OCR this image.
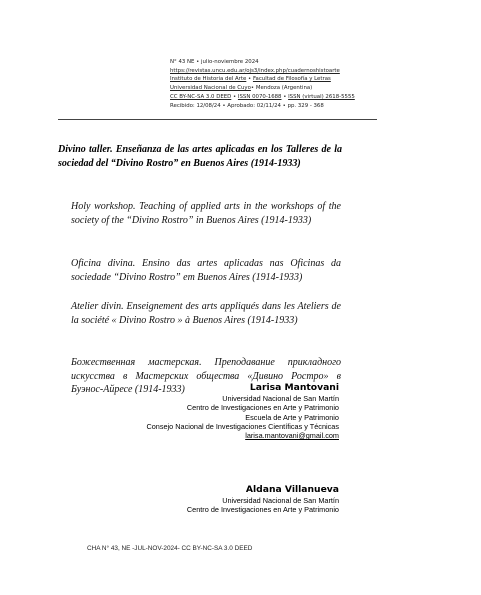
N° 43 NE • julio-noviembre 2024
https://revistas.uncu.edu.ar/ojs3/index.php/cuadernoshistoarte
Instituto de Historia del Arte • Facultad de Filosofía y Letras
Universidad Nacional de Cuyo• Mendoza (Argentina)
CC BY-NC-SA 3.0 DEED • ISSN 0070-1688 • ISSN (virtual) 2618-5555
Recibido: 12/08/24 • Aprobado: 02/11/24 • pp. 329 - 368
Divino taller. Enseñanza de las artes aplicadas en los Talleres de la sociedad del “Divino Rostro” en Buenos Aires (1914-1933)
Holy workshop. Teaching of applied arts in the workshops of the society of the “Divino Rostro” in Buenos Aires (1914-1933)
Oficina divina. Ensino das artes aplicadas nas Oficinas da sociedade “Divino Rostro” em Buenos Aires (1914-1933)
Atelier divin. Enseignement des arts appliqués dans les Ateliers de la société « Divino Rostro » à Buenos Aires (1914-1933)
Божественная мастерская. Преподавание прикладного искусства в Мастерских общества «Дивино Ростро» в Буэнос-Айресе (1914-1933)	Larisa Mantovani
Universidad Nacional de San Martín
Centro de Investigaciones en Arte y Patrimonio
Escuela de Arte y Patrimonio
Consejo Nacional de Investigaciones Científicas y Técnicas
larisa.mantovani@gmail.com
Aldana Villanueva
Universidad Nacional de San Martín
Centro de Investigaciones en Arte y Patrimonio
CHA N° 43, NE -JUL-NOV-2024- CC BY-NC-SA 3.0 DEED
